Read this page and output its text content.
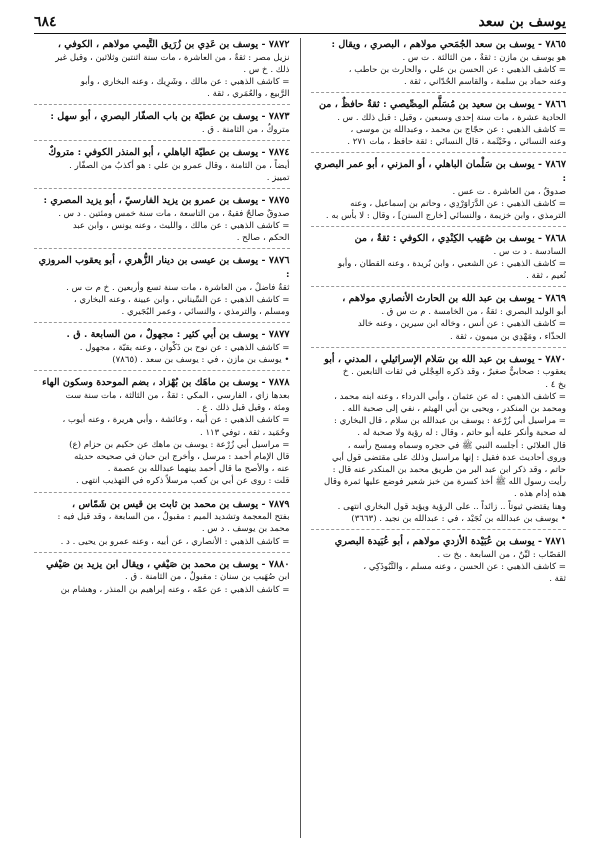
يوسف بن سعد
٦٨٤

٧٨٦٥ - يوسف بن سعد الجُمَحي مولاهم ، البصري ، ويقال :

هو يوسف بن مازن : ثقةٌ ، من الثالثة . ت س .

= كاشف الذهبي : عن الحسن بن علي ، والحارث بن حاطب ،

وعنه حماد بن سلمة ، والقاسم الحُدّاني ، ثقة .

٧٨٦٦ - يوسف بن سعيد بن مُسَلَّم المِصِّيصي : ثقةٌ حافظٌ ، من

الحادية عشرة ، مات سنة إحدى وسبعين ، وقيل : قبل ذلك . س .

= كاشف الذهبي : عن حجّاج بن محمد ، وعبدالله بن موسى ،

وعنه النسائي ، وخَيْثَمة ، قال النسائي : ثقة حافظ ، مات ٢٧١ .

٧٨٦٧ - يوسف بن سَلْمان الباهلي ، أو المزني ، أبو عمر البصري :

صدوقٌ ، من العاشرة . ت عس .

= كاشف الذهبي : عن الدَّرَاوَرْدِي ، وحاتم بن إسماعيل ، وعنه

الترمذي ، وابن خزيمة ، والنسائي [خارج السنن] ، وقال : لا بأس به .

٧٨٦٨ - يوسف بن صُهَيب الكِنْدِي ، الكوفي : ثقةٌ ، من

السادسة . د ت س .

= كاشف الذهبي : عن الشعبي ، وابن بُريدة ، وعنه القطان ، وأبو

نُعيم ، ثقة .

٧٨٦٩ - يوسف بن عبد الله بن الحارث الأنصاري مولاهم ،

أبو الوليد البصري : ثقةٌ ، من الخامسة . م ت س ق .

= كاشف الذهبي : عن أنس ، وخاله ابن سيرين ، وعنه خالد

الحذّاء ، ومَهْدِي بن ميمون ، ثقة .

٧٨٧٠ - يوسف بن عبد الله بن سَلام الإسرائيلي ، المدني ، أبو

يعقوب : صحابيٌّ صغيرٌ ، وقد ذكره العِجْلي في ثقات التابعين . خ

بخ ٤ .

= كاشف الذهبي : له عن عثمان ، وأبي الدرداء ، وعنه ابنه محمد ،

ومحمد بن المنكدر ، ويحيى بن أبي الهيثم ، نفي إلى صحبة الله .

= مراسيل أبي زُرْعة : يوسف بن عبدالله بن سلام ، قال البخاري :

له صحبة وأنكر عليه أبو حاتم ، وقال : له رؤية ولا صحبة له .

قال العلائي : أجلسه النبي ﷺ في حجره وسماه ومسح رأسه ،

وروى أحاديث عدة فقيل : إنها مراسيل وذلك على مقتضى قول أبي

حاتم ، وقد ذكر ابن عبد البر من طريق محمد بن المنكدر عنه قال :

رأيت رسول الله ﷺ أخذ كسرة من خبز شعير فوضع عليها ثمرة وقال

هذه إدام هذه .

وهنا يقتضي ثبوتاً .. زائداً .. على الرؤية ويؤيد قول البخاري انتهى .

• يوسف بن عبدالله بن نُجَيْد ، في : عبدالله بن نجيد . (٣٦٦٣)

٧٨٧١ - يوسف بن عُبَيْدة الأزدي مولاهم ، أبو عُبَيدة البصري

القصّاب : ليِّنٌ ، من السابعة . بخ ت .

= كاشف الذهبي : عن الحسن ، وعنه مسلم ، والتَّبُوذَكِي ،

ثقة .

٧٨٧٢ - يوسف بن عَدِي بن زُرَيق التَّيمي مولاهم ، الكوفي ،

نزيل مصر : ثقةٌ ، من العاشرة ، مات سنة اثنتين وثلاثين ، وقيل غير

ذلك . خ س .

= كاشف الذهبي : عن مالك ، وشَرِيك ، وعنه البخاري ، وأبو

الرَّبيع ، والعُمَري ، ثقة .

٧٨٧٣ - يوسف بن عطيّة بن باب الصفّار البصري ، أبو سهل :

متروكٌ ، من الثامنة . ق .

٧٨٧٤ - يوسف بن عطيّة الباهلي ، أبو المنذر الكوفي : متروكٌ

أيضاً ، من الثامنة ، وقال عمرو بن علي : هو أكذبُ من الصفّار .

تمييز .

٧٨٧٥ - يوسف بن عمرو بن يزيد الفارسيّ ، أبو يزيد المصري :

صدوقٌ صالحٌ فقيهٌ ، من التاسعة ، مات سنة خمس ومئتين . د س .

= كاشف الذهبي : عن مالك ، والليث ، وعنه يونس ، وابن عبد

الحكم ، صالح .

٧٨٧٦ - يوسف بن عيسى بن دينار الزُّهري ، أبو يعقوب المروزي :

ثقةٌ فاضلٌ ، من العاشرة ، مات سنة تسع وأربعين . خ م ت س .

= كاشف الذهبي : عن السِّيناني ، وابن عيينة ، وعنه البخاري ،

ومسلم ، والترمذي ، والنسائي ، وعمر البُجَيري .

٧٨٧٧ - يوسف بن أبي كثير : مجهولٌ ، من السابعة . ق .

= كاشف الذهبي : عن نوح بن ذَكْوان ، وعنه بقيّة ، مجهول .

• يوسف بن مازن ، في : يوسف بن سعد . (٧٨٦٥)

٧٨٧٨ - يوسف بن ماهَك بن بُهْزاد ، بضم الموحدة وسكون الهاء

بعدها زاي ، الفارسي ، المكي : ثقةٌ ، من الثالثة ، مات سنة ست

ومئة ، وقيل قبل ذلك . ع .

= كاشف الذهبي : عن أبيه ، وعائشة ، وأبي هريرة ، وعنه أيوب ،

وحُمَيد ، ثقة ، توفي ١١٣ .

= مراسيل أبي زُرْعة : يوسف بن ماهك عن حكيم بن حزام (ع)

قال الإمام أحمد : مرسل ، وأخرج ابن حبان في صحيحه حديثه

عنه ، والأصح ما قال أحمد بينهما عبدالله بن عصمة .

قلت : روى عن أبي بن كعب مرسلاً ذكره في التهذيب انتهى .

٧٨٧٩ - يوسف بن محمد بن ثابت بن قيس بن شَمّاس ،

بفتح المعجمة وتشديد الميم : مقبولٌ ، من السابعة ، وقد قيل فيه :

محمد بن يوسف . د س .

= كاشف الذهبي : الأنصاري ، عن أبيه ، وعنه عمرو بن يحيى . د .

٧٨٨٠ - يوسف بن محمد بن صَيْفي ، ويقال ابن يزيد بن صَيْفي

ابن صُهَيب بن سنان : مقبولٌ ، من الثامنة . ق .

= كاشف الذهبي : عن عمّه ، وعنه إبراهيم بن المنذر ، وهشام بن
